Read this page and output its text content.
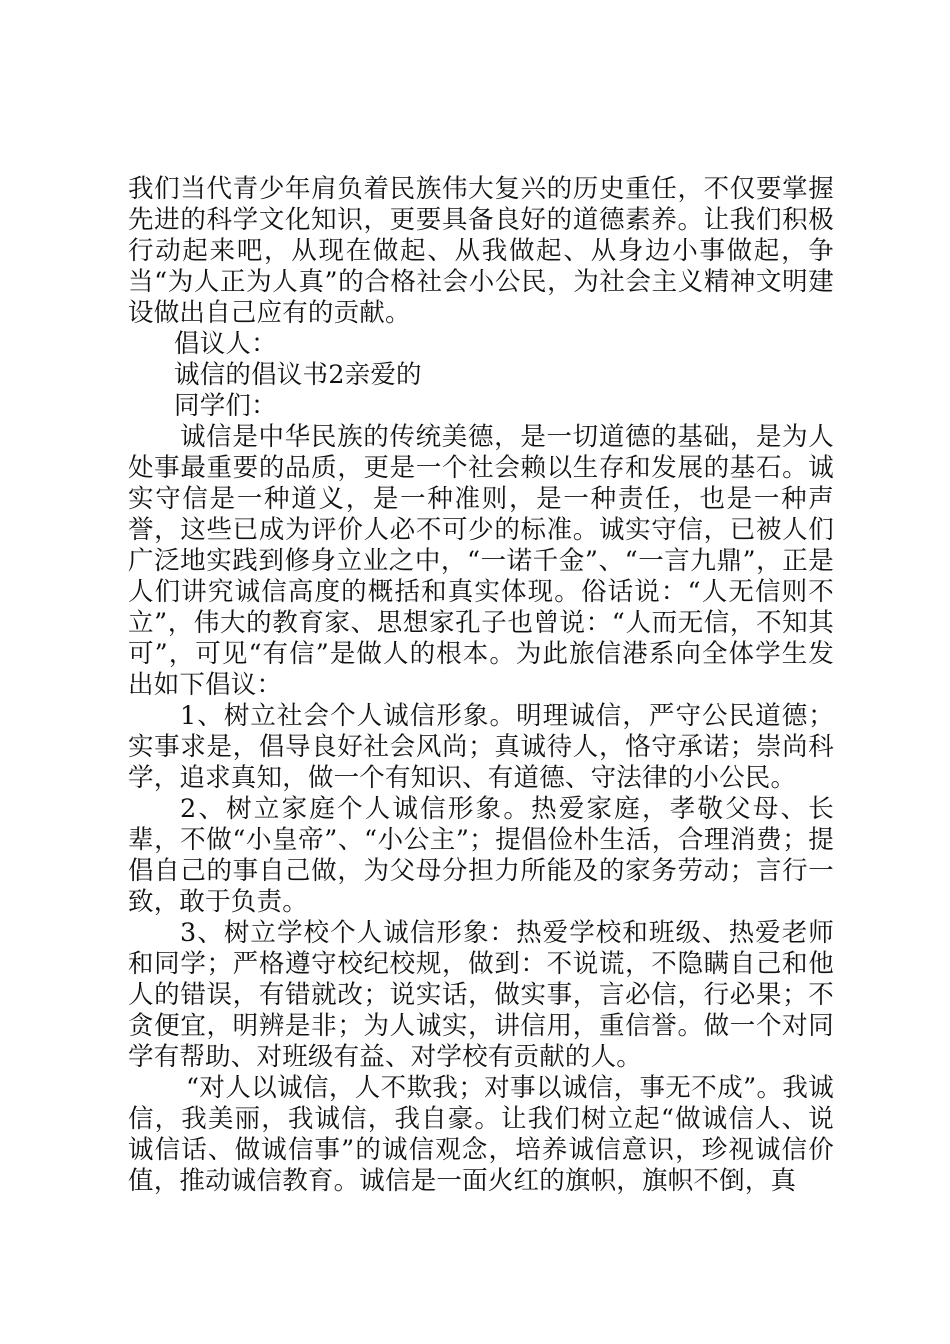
我们当代青少年肩负着民族伟大复兴的历史重任，不仅要掌握先进的科学文化知识，更要具备良好的道德素养。让我们积极行动起来吧，从现在做起、从我做起、从身边小事做起，争当“为人正为人真”的合格社会小公民，为社会主义精神文明建设做出自己应有的贡献。

倡议人：

诚信的倡议书2亲爱的

同学们：

诚信是中华民族的传统美德，是一切道德的基础，是为人处事最重要的品质，更是一个社会赖以生存和发展的基石。诚实守信是一种道义，是一种准则，是一种责任，也是一种声誉，这些已成为评价人必不可少的标准。诚实守信，已被人们广泛地实践到修身立业之中，“一诺千金”、“一言九鼎”，正是人们讲究诚信高度的概括和真实体现。俗话说：“人无信则不立”，伟大的教育家、思想家孔子也曾说：“人而无信，不知其可”，可见“有信”是做人的根本。为此旅信港系向全体学生发出如下倡议：

1、树立社会个人诚信形象。明理诚信，严守公民道德；实事求是，倡导良好社会风尚；真诚待人，恪守承诺；崇尚科学，追求真知，做一个有知识、有道德、守法律的小公民。

2、树立家庭个人诚信形象。热爱家庭，孝敬父母、长辈，不做“小皇帝”、“小公主”；提倡俭朴生活，合理消费；提倡自己的事自己做，为父母分担力所能及的家务劳动；言行一致，敢于负责。

3、树立学校个人诚信形象：热爱学校和班级、热爱老师和同学；严格遵守校纪校规，做到：不说谎，不隐瞒自己和他人的错误，有错就改；说实话，做实事，言必信，行必果；不贪便宜，明辨是非；为人诚实，讲信用，重信誉。做一个对同学有帮助、对班级有益、对学校有贡献的人。

“对人以诚信，人不欺我；对事以诚信，事无不成”。我诚信，我美丽，我诚信，我自豪。让我们树立起“做诚信人、说诚信话、做诚信事”的诚信观念，培养诚信意识，珍视诚信价值，推动诚信教育。诚信是一面火红的旗帜，旗帜不倒，真
